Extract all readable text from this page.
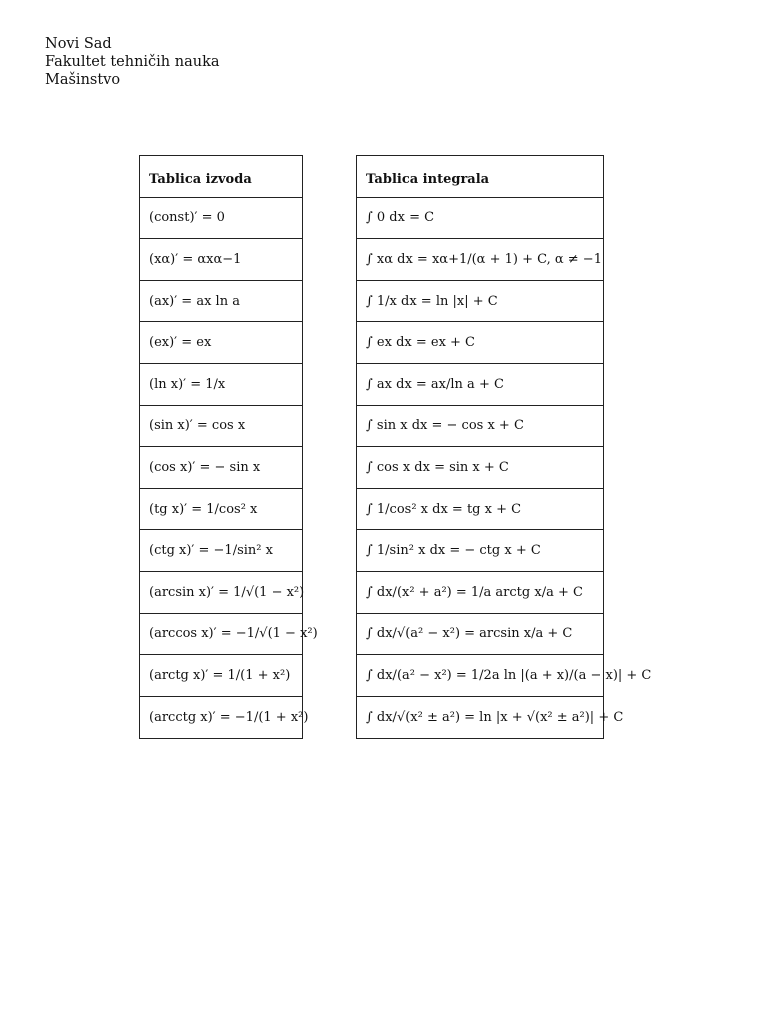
Novi Sad
Fakultet tehničih nauka
Mašinstvo
Tablica izvoda
(const)′ = 0
(xα)′ = αxα−1
(ax)′ = ax ln a
(ex)′ = ex
(ln x)′ = 1/x
(sin x)′ = cos x
(cos x)′ = − sin x
(tg x)′ = 1/cos² x
(ctg x)′ = −1/sin² x
(arcsin x)′ = 1/√(1 − x²)
(arccos x)′ = −1/√(1 − x²)
(arctg x)′ = 1/(1 + x²)
(arcctg x)′ = −1/(1 + x²)
Tablica integrala
∫ 0 dx = C
∫ xα dx = xα+1/(α + 1) + C, α ≠ −1
∫ 1/x dx = ln |x| + C
∫ ex dx = ex + C
∫ ax dx = ax/ln a + C
∫ sin x dx = − cos x + C
∫ cos x dx = sin x + C
∫ 1/cos² x dx = tg x + C
∫ 1/sin² x dx = − ctg x + C
∫ dx/(x² + a²) = 1/a arctg x/a + C
∫ dx/√(a² − x²) = arcsin x/a + C
∫ dx/(a² − x²) = 1/2a ln |(a + x)/(a − x)| + C
∫ dx/√(x² ± a²) = ln |x + √(x² ± a²)| + C
